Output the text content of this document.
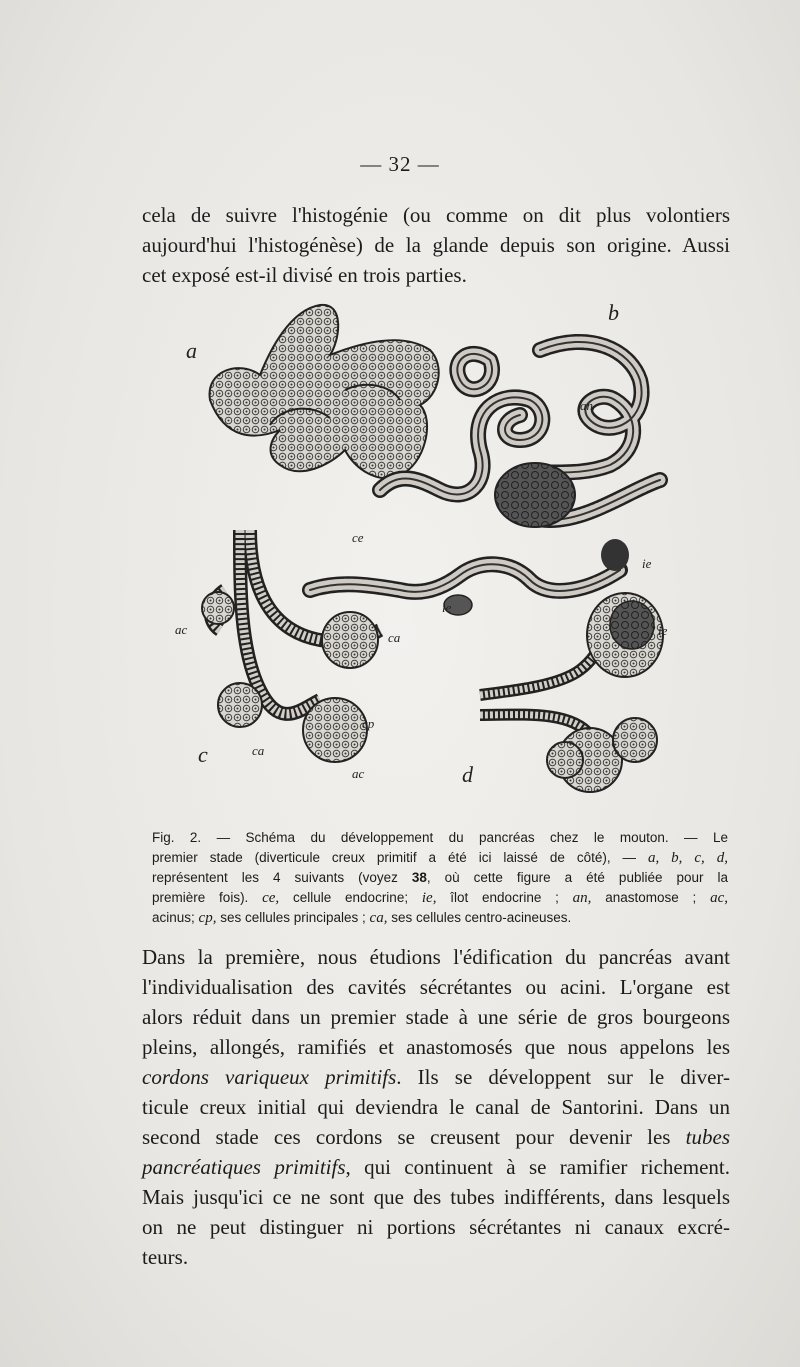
— 32 —

cela de suivre l'histogénie (ou comme on dit plus volontiers
aujourd'hui l'histogénèse) de la glande depuis son origine. Aussi
cet exposé est-il divisé en trois parties.

a
b
an
ce
ie
ie
c
ac
ca
cp
ca
ac	d
ie

Fig. 2. — Schéma du développement du pancréas chez le mouton. — Le
premier stade (diverticule creux primitif a été ici laissé de côté), — a, b, c, d,
représentent les 4 suivants (voyez 38, où cette figure a été publiée pour la
première fois). ce, cellule endocrine; ie, îlot endocrine ; an, anastomose ; ac,
acinus; cp, ses cellules principales ; ca, ses cellules centro-acineuses.

Dans la première, nous étudions l'édification du pancréas avant
l'individualisation des cavités sécrétantes ou acini. L'organe est
alors réduit dans un premier stade à une série de gros bourgeons
pleins, allongés, ramifiés et anastomosés que nous appelons les
cordons variqueux primitifs. Ils se développent sur le diver-
ticule creux initial qui deviendra le canal de Santorini. Dans un
second stade ces cordons se creusent pour devenir les tubes
pancréatiques primitifs, qui continuent à se ramifier richement.
Mais jusqu'ici ce ne sont que des tubes indifférents, dans lesquels
on ne peut distinguer ni portions sécrétantes ni canaux excré-
teurs.
